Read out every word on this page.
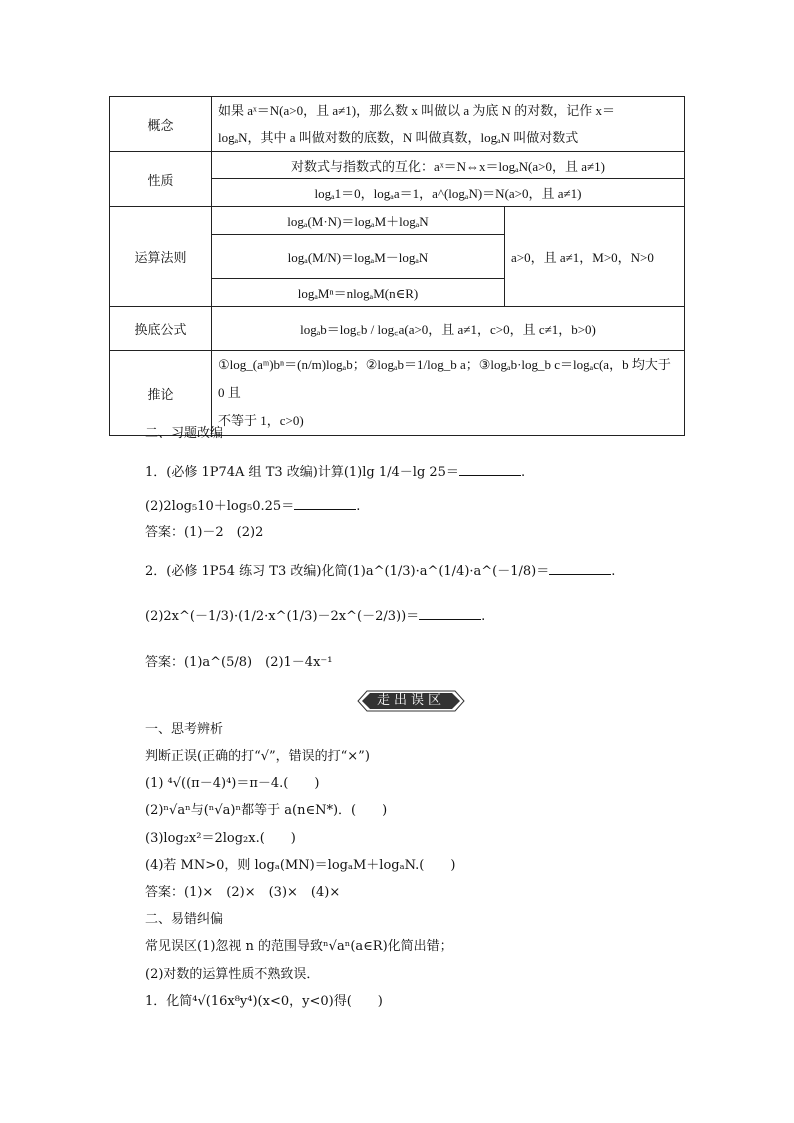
概念	如果 aˣ＝N(a>0，且 a≠1)，那么数 x 叫做以 a 为底 N 的对数，记作 x＝
logₐN，其中 a 叫做对数的底数，N 叫做真数，logₐN 叫做对数式	

性质	对数式与指数式的互化：aˣ＝N⇔x＝logₐN(a>0，且 a≠1)	
	logₐ1＝0，logₐa＝1，a^(logₐN)＝N(a>0，且 a≠1)	
运算法则	logₐ(M·N)＝logₐM＋logₐN	a>0，且 a≠1，M>0，N>0
	logₐ(M/N)＝logₐM－logₐN	
	logₐMⁿ＝nlogₐM(n∈R)	
换底公式	logₐb＝log꜀b / log꜀a(a>0，且 a≠1，c>0，且 c≠1，b>0)	
推论	①log_(aᵐ)bⁿ＝(n/m)logₐb；②logₐb＝1/log_b a；③logₐb·log_b c＝logₐc(a，b 均大于 0 且
不等于 1，c>0)	
二、习题改编
1．(必修 1P74A 组 T3 改编)计算(1)lg 1/4－lg 25＝	.
(2)2log₅10＋log₅0.25＝	.
答案：(1)－2　(2)2
2．(必修 1P54 练习 T3 改编)化简(1)a^(1/3)·a^(1/4)·a^(－1/8)＝	.
(2)2x^(－1/3)·(1/2·x^(1/3)－2x^(－2/3))＝	.
答案：(1)a^(5/8)　(2)1－4x⁻¹
走出误区
一、思考辨析
判断正误(正确的打“√”，错误的打“×”)
(1) ⁴√((π－4)⁴)＝π－4.(　　)
(2)ⁿ√aⁿ与(ⁿ√a)ⁿ都等于 a(n∈N*)．(　　)
(3)log₂x²＝2log₂x.(　　)
(4)若 MN>0，则 logₐ(MN)＝logₐM＋logₐN.(　　)
答案：(1)×　(2)×　(3)×　(4)×
二、易错纠偏
常见误区(1)忽视 n 的范围导致ⁿ√aⁿ(a∈R)化简出错；
(2)对数的运算性质不熟致误．
1．化简⁴√(16x⁸y⁴)(x<0，y<0)得(　　)
